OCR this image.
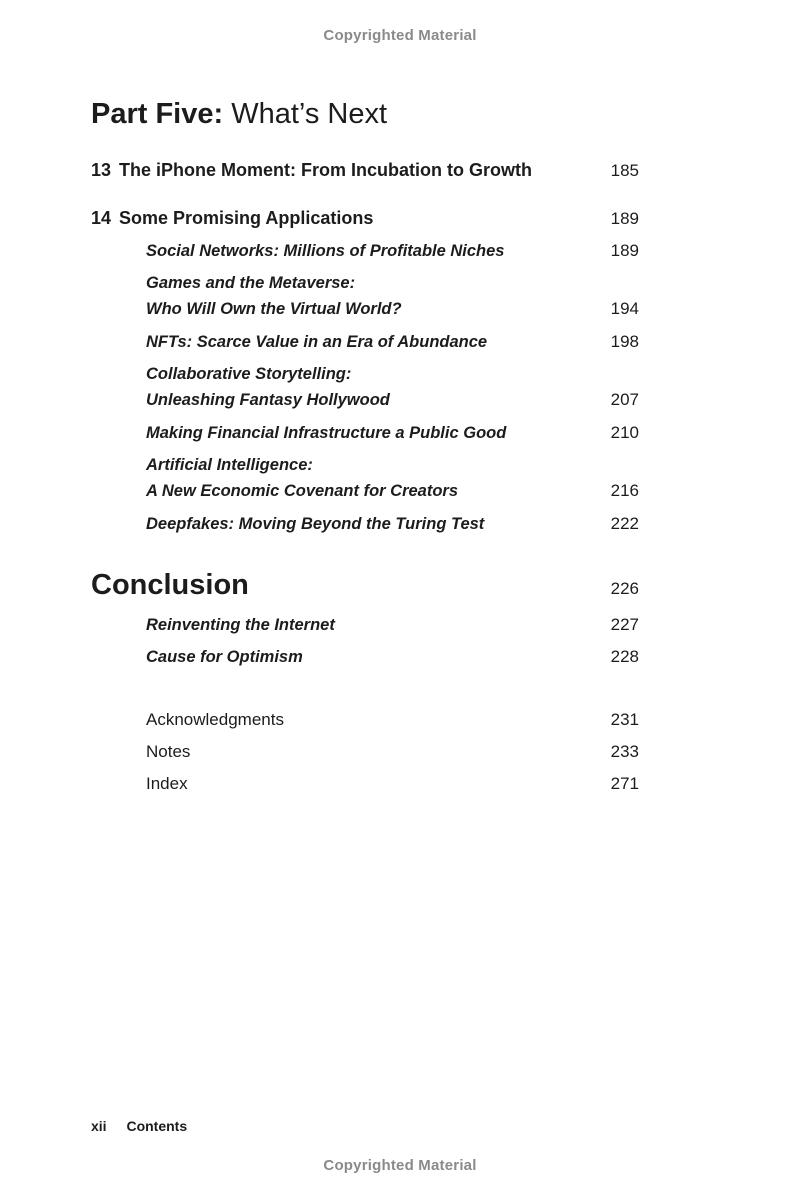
Copyrighted Material
Part Five: What’s Next
13 The iPhone Moment: From Incubation to Growth	185
14 Some Promising Applications	189
Social Networks: Millions of Profitable Niches	189
Games and the Metaverse:
Who Will Own the Virtual World?	194
NFTs: Scarce Value in an Era of Abundance	198
Collaborative Storytelling:
Unleashing Fantasy Hollywood	207
Making Financial Infrastructure a Public Good	210
Artificial Intelligence:
A New Economic Covenant for Creators	216
Deepfakes: Moving Beyond the Turing Test	222
Conclusion	226
Reinventing the Internet	227
Cause for Optimism	228
Acknowledgments	231
Notes	233
Index	271
xii Contents
Copyrighted Material
